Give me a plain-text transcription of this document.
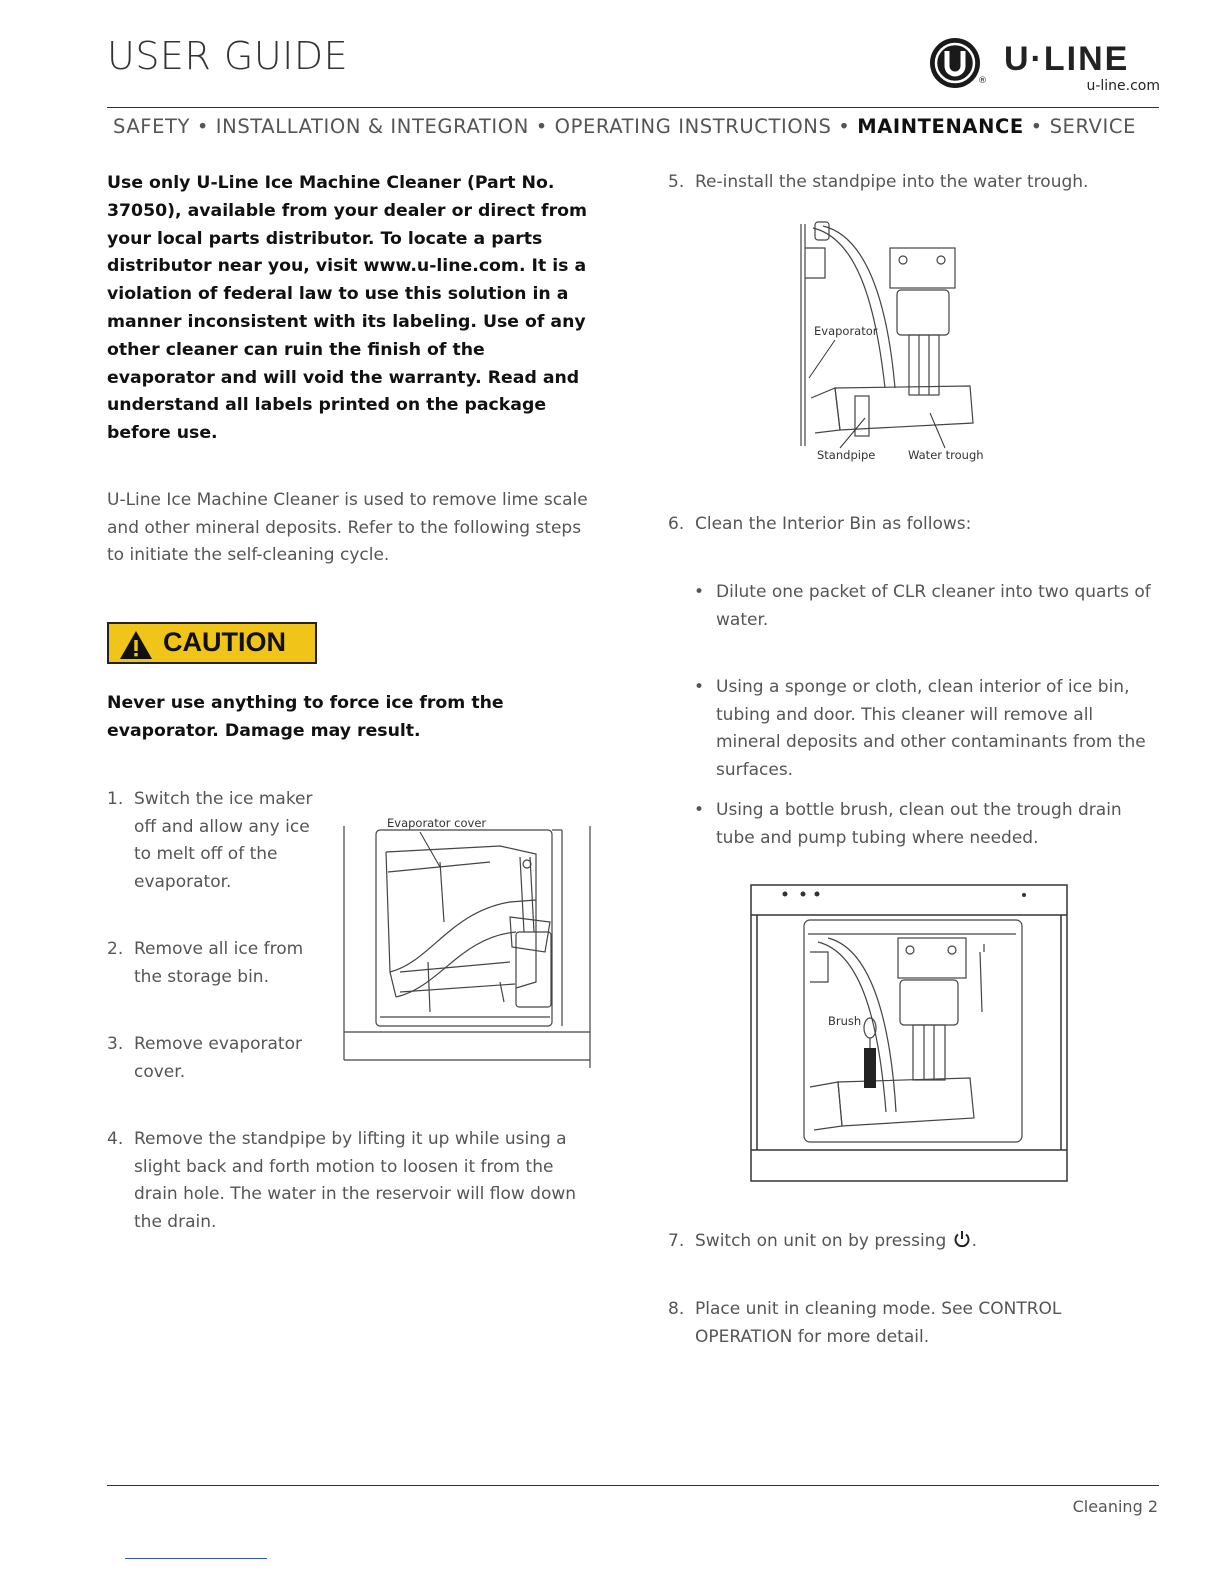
USER GUIDE
®
U·LINE
u-line.com
SAFETY • INSTALLATION & INTEGRATION • OPERATING INSTRUCTIONS • MAINTENANCE • SERVICE
Use only U-Line Ice Machine Cleaner (Part No. 37050), available from your dealer or direct from your local parts distributor. To locate a parts distributor near you, visit www.u-line.com. It is a violation of federal law to use this solution in a manner inconsistent with its labeling. Use of any other cleaner can ruin the finish of the evaporator and will void the warranty. Read and understand all labels printed on the package before use.
U-Line Ice Machine Cleaner is used to remove lime scale and other mineral deposits. Refer to the following steps to initiate the self-cleaning cycle.
CAUTION
Never use anything to force ice from the evaporator. Damage may result.
1. Switch the ice maker off and allow any ice to melt off of the evaporator.
2. Remove all ice from the storage bin.
3. Remove evaporator cover.
4. Remove the standpipe by lifting it up while using a slight back and forth motion to loosen it from the drain hole. The water in the reservoir will flow down the drain.
Evaporator cover
5. Re-install the standpipe into the water trough.
Evaporator
Standpipe	Water trough
6. Clean the Interior Bin as follows:
• Dilute one packet of CLR cleaner into two quarts of water.
• Using a sponge or cloth, clean interior of ice bin, tubing and door. This cleaner will remove all mineral deposits and other contaminants from the surfaces.
• Using a bottle brush, clean out the trough drain tube and pump tubing where needed.
Brush
7. Switch on unit on by pressing .
8. Place unit in cleaning mode. See CONTROL OPERATION for more detail.
Cleaning 2
